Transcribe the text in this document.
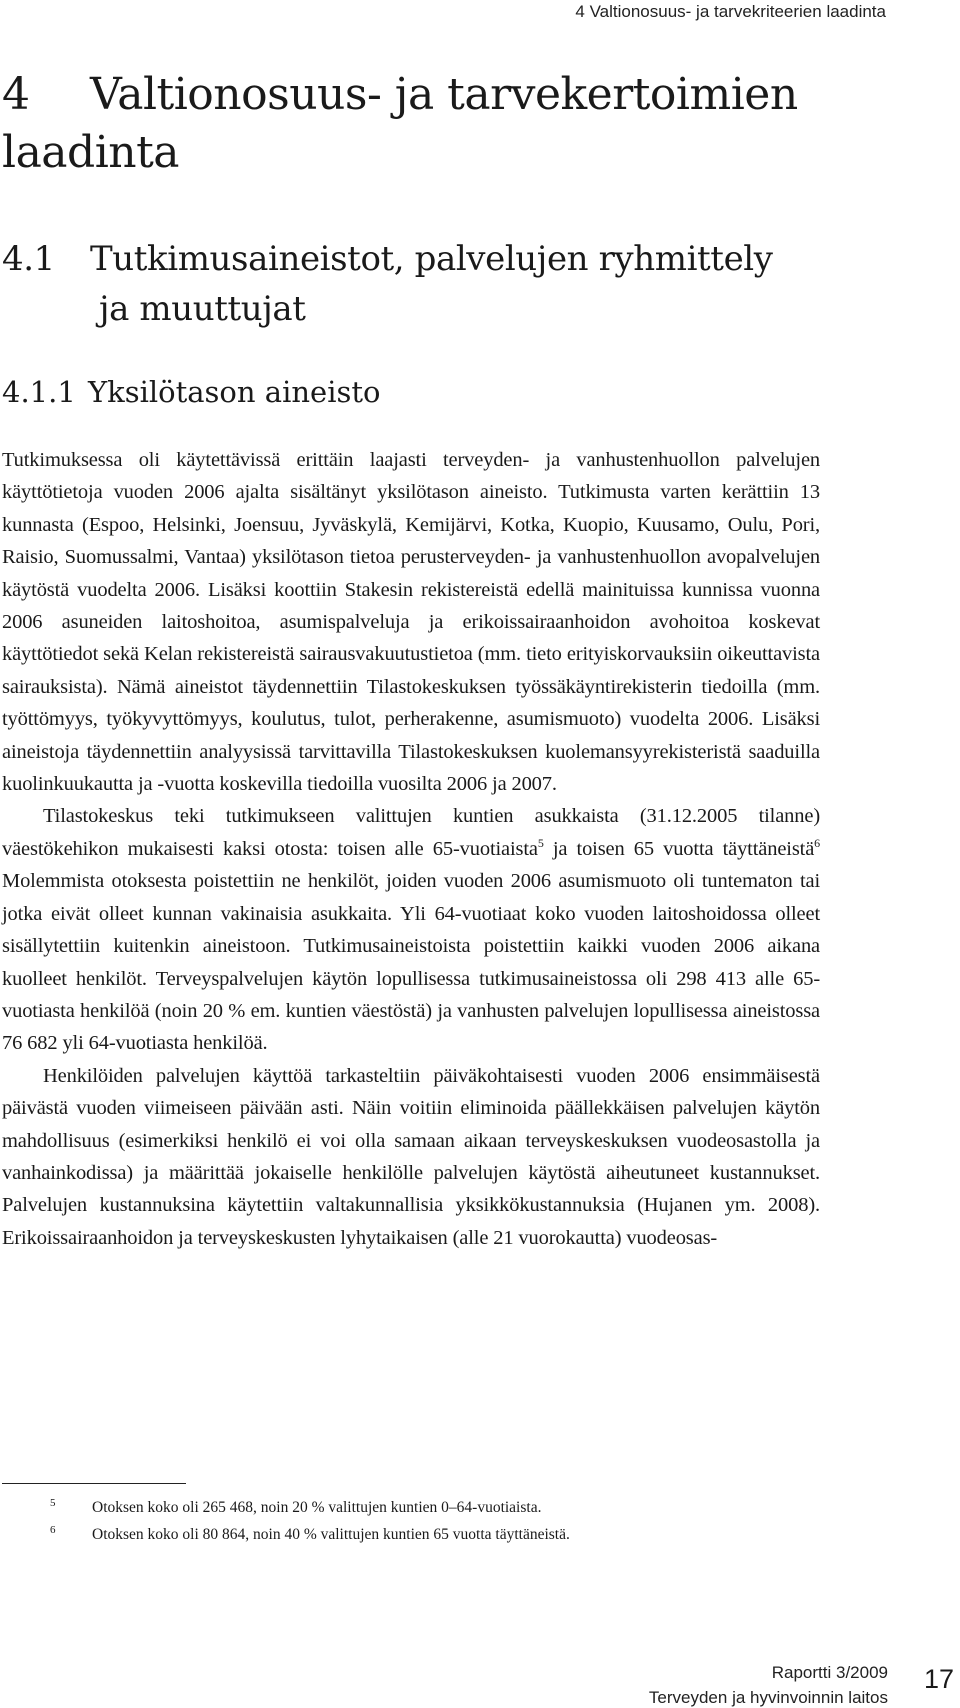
4 Valtionosuus- ja tarvekriteerien laadinta
4 Valtionosuus- ja tarvekertoimien laadinta
4.1 Tutkimusaineistot, palvelujen ryhmittely
ja muuttujat
4.1.1 Yksilötason aineisto

Tutkimuksessa oli käytettävissä erittäin laajasti terveyden- ja vanhustenhuollon palvelujen käyttötietoja vuoden 2006 ajalta sisältänyt yksilötason aineisto. Tutkimusta varten kerättiin 13 kunnasta (Espoo, Helsinki, Joensuu, Jyväskylä, Kemijärvi, Kotka, Kuopio, Kuusamo, Oulu, Pori, Raisio, Suomussalmi, Vantaa) yksilötason tietoa perusterveyden- ja vanhustenhuollon avopalvelujen käytöstä vuodelta 2006. Lisäksi koottiin Stakesin rekistereistä edellä mainituissa kunnissa vuonna 2006 asuneiden laitoshoitoa, asumispalveluja ja erikoissairaanhoidon avohoitoa koskevat käyttötiedot sekä Kelan rekistereistä sairausvakuutustietoa (mm. tieto erityiskorvauksiin oikeuttavista sairauksista). Nämä aineistot täydennettiin Tilastokeskuksen työssäkäyntirekisterin tiedoilla (mm. työttömyys, työkyvyttömyys, koulutus, tulot, perherakenne, asumismuoto) vuodelta 2006. Lisäksi aineistoja täydennettiin analyysissä tarvittavilla Tilastokeskuksen kuolemansyyrekisteristä saaduilla kuolinkuukautta ja -vuotta koskevilla tiedoilla vuosilta 2006 ja 2007.

Tilastokeskus teki tutkimukseen valittujen kuntien asukkaista (31.12.2005 tilanne) väestökehikon mukaisesti kaksi otosta: toisen alle 65-vuotiaista$^5$ ja toisen 65 vuotta täyttäneistä$^6$ Molemmista otoksesta poistettiin ne henkilöt, joiden vuoden 2006 asumismuoto oli tuntematon tai jotka eivät olleet kunnan vakinaisia asukkaita. Yli 64-vuotiaat koko vuoden laitoshoidossa olleet sisällytettiin kuitenkin aineistoon. Tutkimusaineistoista poistettiin kaikki vuoden 2006 aikana kuolleet henkilöt. Terveyspalvelujen käytön lopullisessa tutkimusaineistossa oli 298 413 alle 65-vuotiasta henkilöä (noin 20 % em. kuntien väestöstä) ja vanhusten palvelujen lopullisessa aineistossa 76 682 yli 64-vuotiasta henkilöä.

Henkilöiden palvelujen käyttöä tarkasteltiin päiväkohtaisesti vuoden 2006 ensimmäisestä päivästä vuoden viimeiseen päivään asti. Näin voitiin eliminoida päällekkäisen palvelujen käytön mahdollisuus (esimerkiksi henkilö ei voi olla samaan aikaan terveyskeskuksen vuodeosastolla ja vanhainkodissa) ja määrittää jokaiselle henkilölle palvelujen käytöstä aiheutuneet kustannukset. Palvelujen kustannuksina käytettiin valtakunnallisia yksikkökustannuksia (Hujanen ym. 2008). Erikoissairaanhoidon ja terveyskeskusten lyhytaikaisen (alle 21 vuorokautta) vuodeosas-

5	Otoksen koko oli 265 468, noin 20 % valittujen kuntien 0–64-vuotiaista.
6	Otoksen koko oli 80 864, noin 40 % valittujen kuntien 65 vuotta täyttäneistä.
Raportti 3/2009
Terveyden ja hyvinvoinnin laitos
17
